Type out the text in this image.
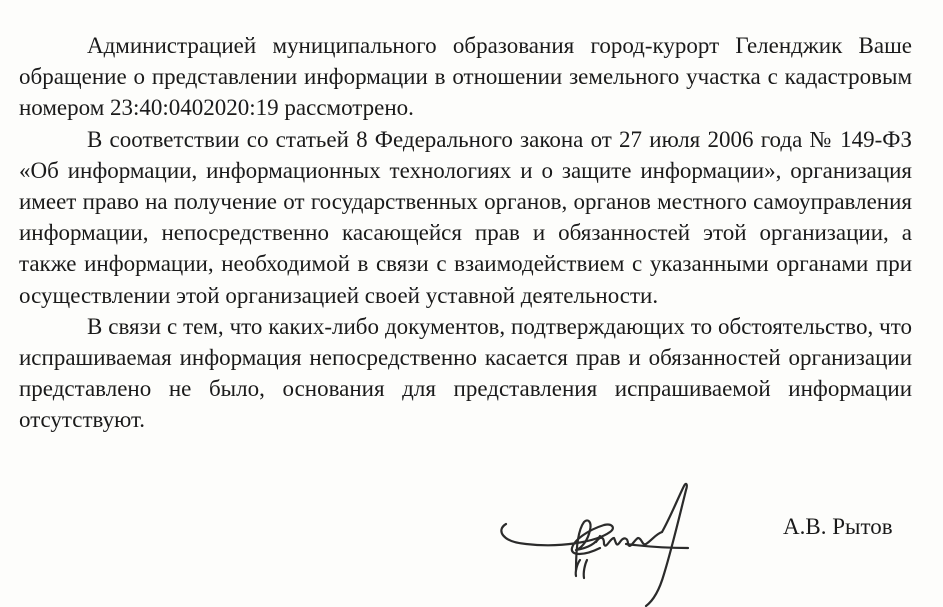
Администрацией муниципального образования город-курорт Геленджик Ваше обращение о представлении информации в отношении земельного участка с кадастровым номером 23:40:0402020:19 рассмотрено.

В соответствии со статьей 8 Федерального закона от 27 июля 2006 года № 149-ФЗ «Об информации, информационных технологиях и о защите информации», организация имеет право на получение от государственных органов, органов местного самоуправления информации, непосредственно касающейся прав и обязанностей этой организации, а также информации, необходимой в связи с взаимодействием с указанными органами при осуществлении этой организацией своей уставной деятельности.

В связи с тем, что каких-либо документов, подтверждающих то обстоятельство, что испрашиваемая информация непосредственно касается прав и обязанностей организации представлено не было, основания для представления испрашиваемой информации отсутствуют.

А.В. Рытов
